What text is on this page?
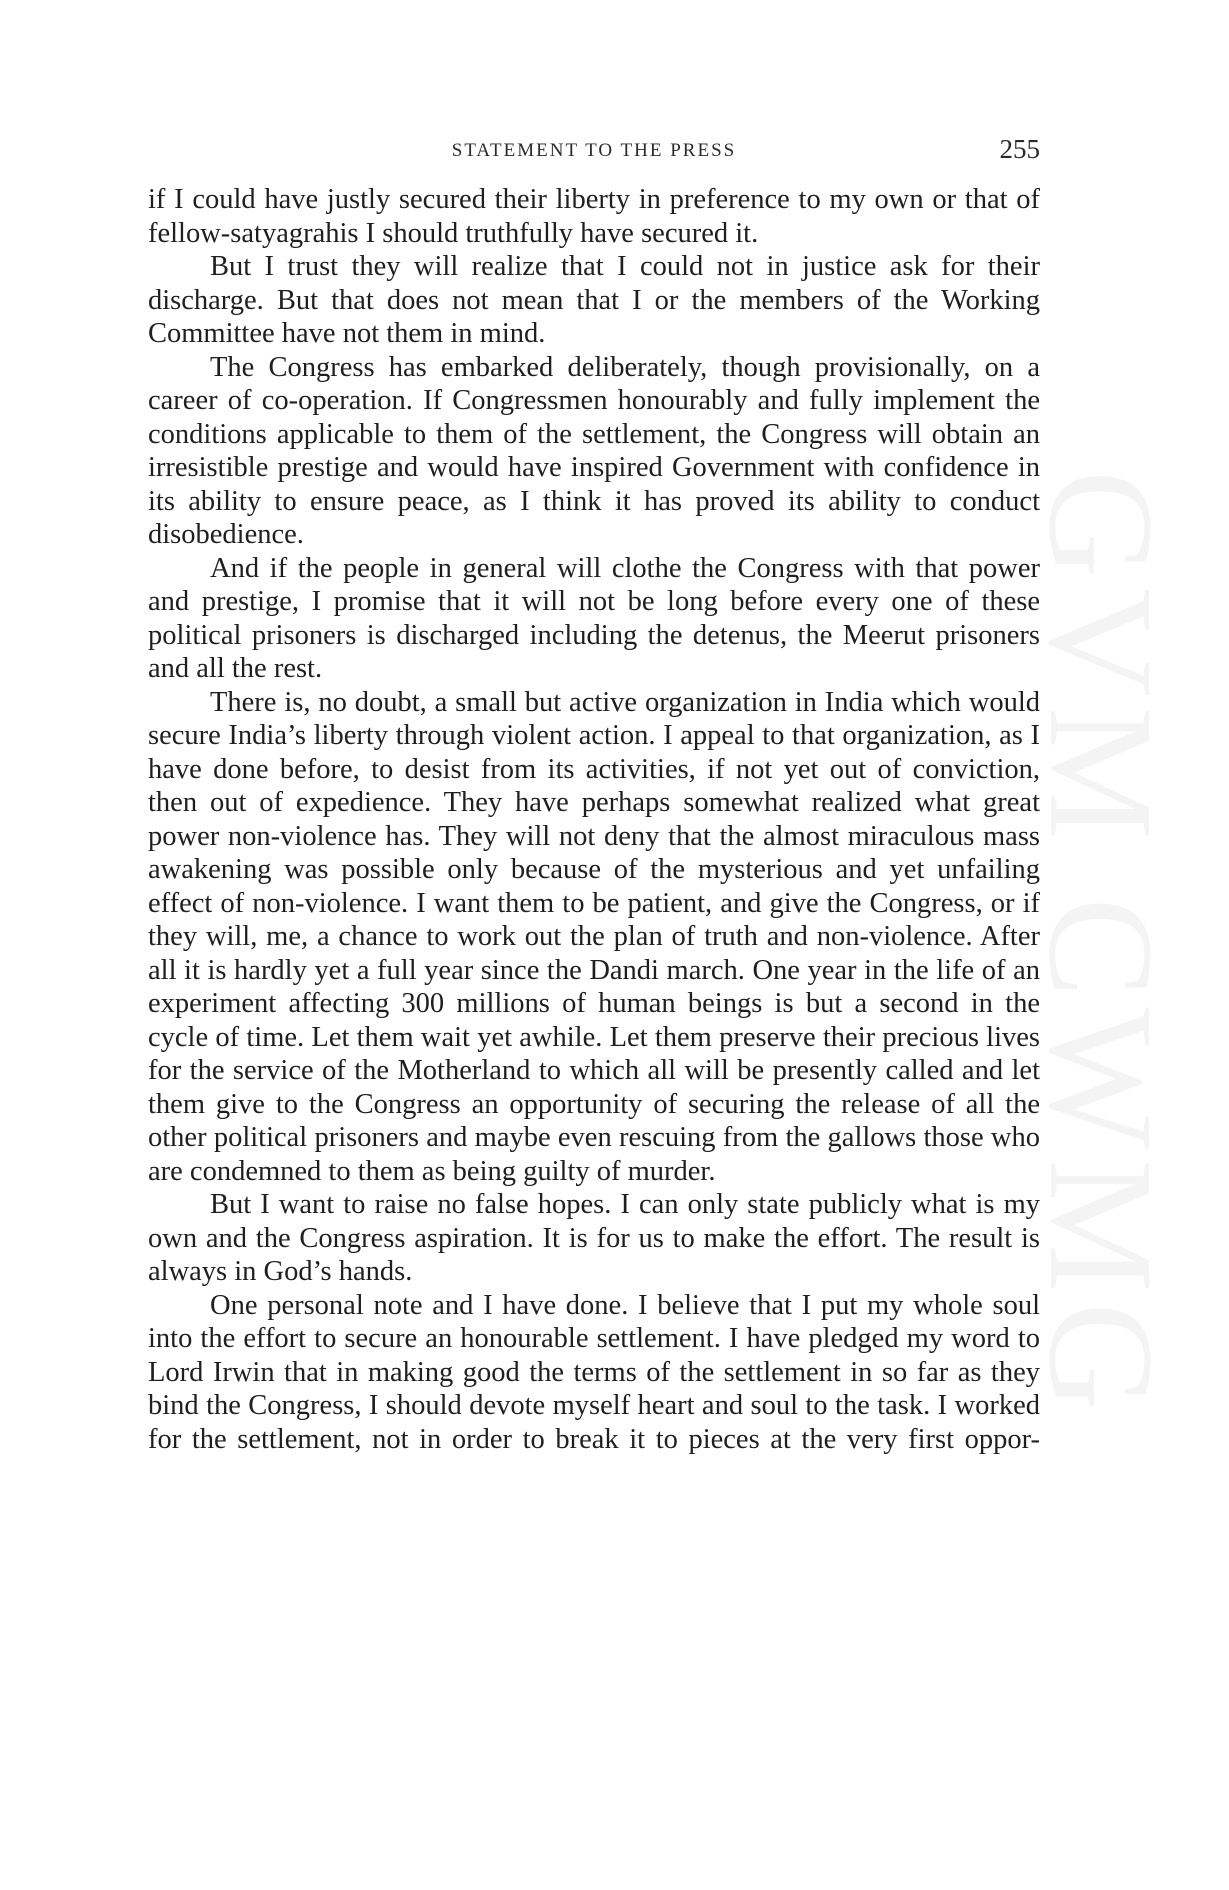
STATEMENT TO THE PRESS	255

if I could have justly secured their liberty in preference to my own or that of fellow-satyagrahis I should truthfully have secured it.

But I trust they will realize that I could not in justice ask for their discharge. But that does not mean that I or the members of the Working Committee have not them in mind.

The Congress has embarked deliberately, though provisionally, on a career of co-operation. If Congressmen honourably and fully implement the conditions applicable to them of the settlement, the Congress will obtain an irresistible prestige and would have inspired Government with confidence in its ability to ensure peace, as I think it has proved its ability to conduct disobedience.

And if the people in general will clothe the Congress with that power and prestige, I promise that it will not be long before every one of these political prisoners is discharged including the detenus, the Meerut prisoners and all the rest.

There is, no doubt, a small but active organization in India which would secure India’s liberty through violent action. I appeal to that organization, as I have done before, to desist from its activities, if not yet out of conviction, then out of expedience. They have perhaps somewhat realized what great power non-violence has. They will not deny that the almost miraculous mass awakening was possible only because of the mysterious and yet unfailing effect of non-violence. I want them to be patient, and give the Congress, or if they will, me, a chance to work out the plan of truth and non-violence. After all it is hardly yet a full year since the Dandi march. One year in the life of an experiment affecting 300 millions of human beings is but a second in the cycle of time. Let them wait yet awhile. Let them preserve their precious lives for the service of the Motherland to which all will be presently called and let them give to the Congress an opportunity of securing the release of all the other political prisoners and maybe even rescuing from the gallows those who are condemned to them as being guilty of murder.

But I want to raise no false hopes. I can only state publicly what is my own and the Congress aspiration. It is for us to make the effort. The result is always in God’s hands.

One personal note and I have done. I believe that I put my whole soul into the effort to secure an honourable settlement. I have pledged my word to Lord Irwin that in making good the terms of the settlement in so far as they bind the Congress, I should devote myself heart and soul to the task. I worked for the settlement, not in order to break it to pieces at the very first oppor-
